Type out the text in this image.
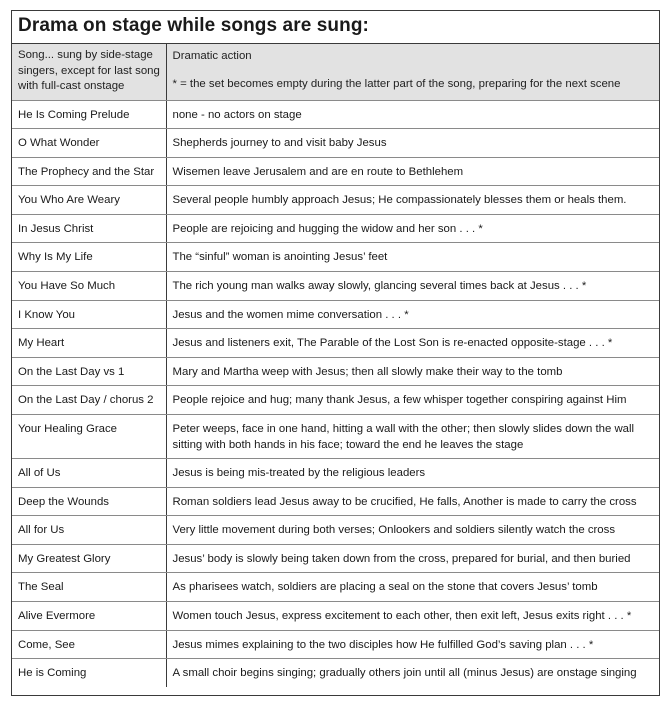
Drama on stage while songs are sung:
Song... sung by side-stage singers, except for last song with full-cast onstage	Dramatic action
* = the set becomes empty during the latter part of the song, preparing for the next scene

He Is Coming Prelude	none - no actors on stage
O What Wonder	Shepherds journey to and visit baby Jesus
The Prophecy and the Star	Wisemen leave Jerusalem and are en route to Bethlehem
You Who Are Weary	Several people humbly approach Jesus; He compassionately blesses them or heals them.
In Jesus Christ	People are rejoicing and hugging the widow and her son . . . *
Why Is My Life	The “sinful” woman is anointing Jesus’ feet
You Have So Much	The rich young man walks away slowly, glancing several times back at Jesus . . . *
I Know You	Jesus and the women mime conversation . . . *
My Heart	Jesus and listeners exit, The Parable of the Lost Son is re-enacted opposite-stage . . . *
On the Last Day vs 1	Mary and Martha weep with Jesus; then all slowly make their way to the tomb
On the Last Day / chorus 2	People rejoice and hug; many thank Jesus, a few whisper together conspiring against Him
Your Healing Grace	Peter weeps, face in one hand, hitting a wall with the other; then slowly slides down the wall sitting with both hands in his face; toward the end he leaves the stage
All of Us	Jesus is being mis-treated by the religious leaders
Deep the Wounds	Roman soldiers lead Jesus away to be crucified, He falls, Another is made to carry the cross
All for Us	Very little movement during both verses; Onlookers and soldiers silently watch the cross
My Greatest Glory	Jesus’ body is slowly being taken down from the cross, prepared for burial, and then buried
The Seal	As pharisees watch, soldiers are placing a seal on the stone that covers Jesus’ tomb
Alive Evermore	Women touch Jesus, express excitement to each other, then exit left, Jesus exits right . . . *
Come, See	Jesus mimes explaining to the two disciples how He fulfilled God’s saving plan . . . *
He is Coming	A small choir begins singing; gradually others join until all (minus Jesus) are onstage singing
